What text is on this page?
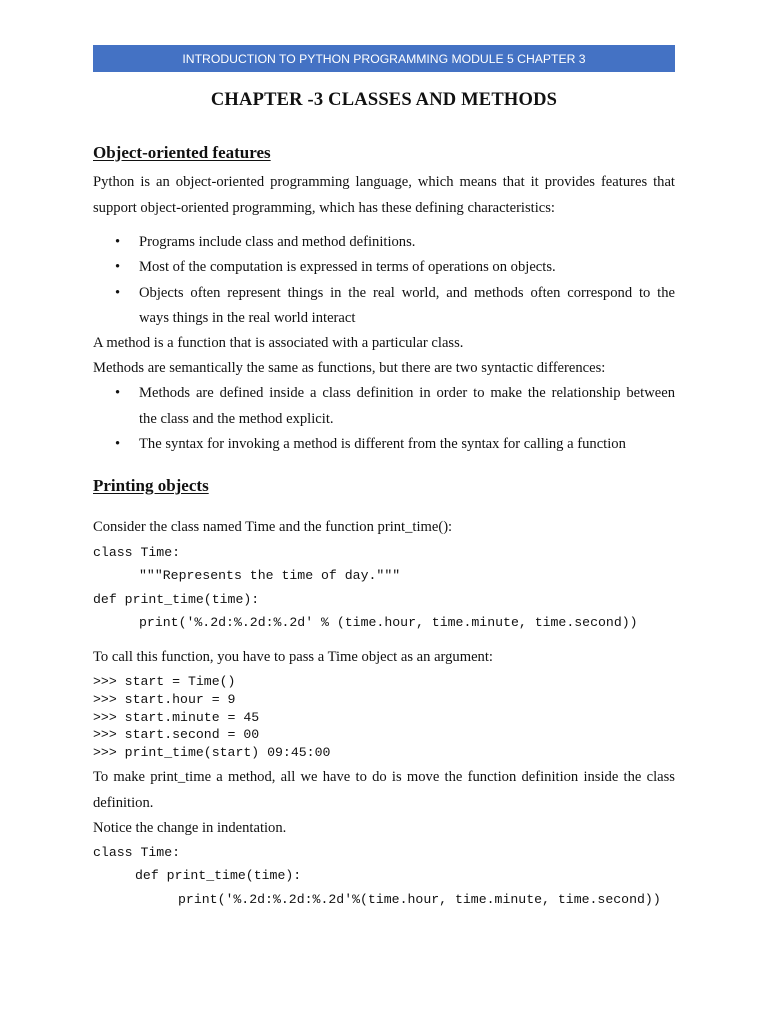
INTRODUCTION TO PYTHON PROGRAMMING MODULE 5 CHAPTER 3
CHAPTER -3 CLASSES AND METHODS
Object-oriented features
Python is an object-oriented programming language, which means that it provides features that
support object-oriented programming, which has these defining characteristics:
• Programs include class and method definitions.
• Most of the computation is expressed in terms of operations on objects.
• Objects often represent things in the real world, and methods often correspond to the
ways things in the real world interact
A method is a function that is associated with a particular class.
Methods are semantically the same as functions, but there are two syntactic differences:
• Methods are defined inside a class definition in order to make the relationship between
the class and the method explicit.
• The syntax for invoking a method is different from the syntax for calling a function
Printing objects
Consider the class named Time and the function print_time():
class Time:
"""Represents the time of day."""
def print_time(time):
print('%.2d:%.2d:%.2d' % (time.hour, time.minute, time.second))
To call this function, you have to pass a Time object as an argument:
>>> start = Time()
>>> start.hour = 9
>>> start.minute = 45
>>> start.second = 00
>>> print_time(start) 09:45:00
To make print_time a method, all we have to do is move the function definition inside the class
definition.
Notice the change in indentation.
class Time:
def print_time(time):
print('%.2d:%.2d:%.2d'%(time.hour, time.minute, time.second))
